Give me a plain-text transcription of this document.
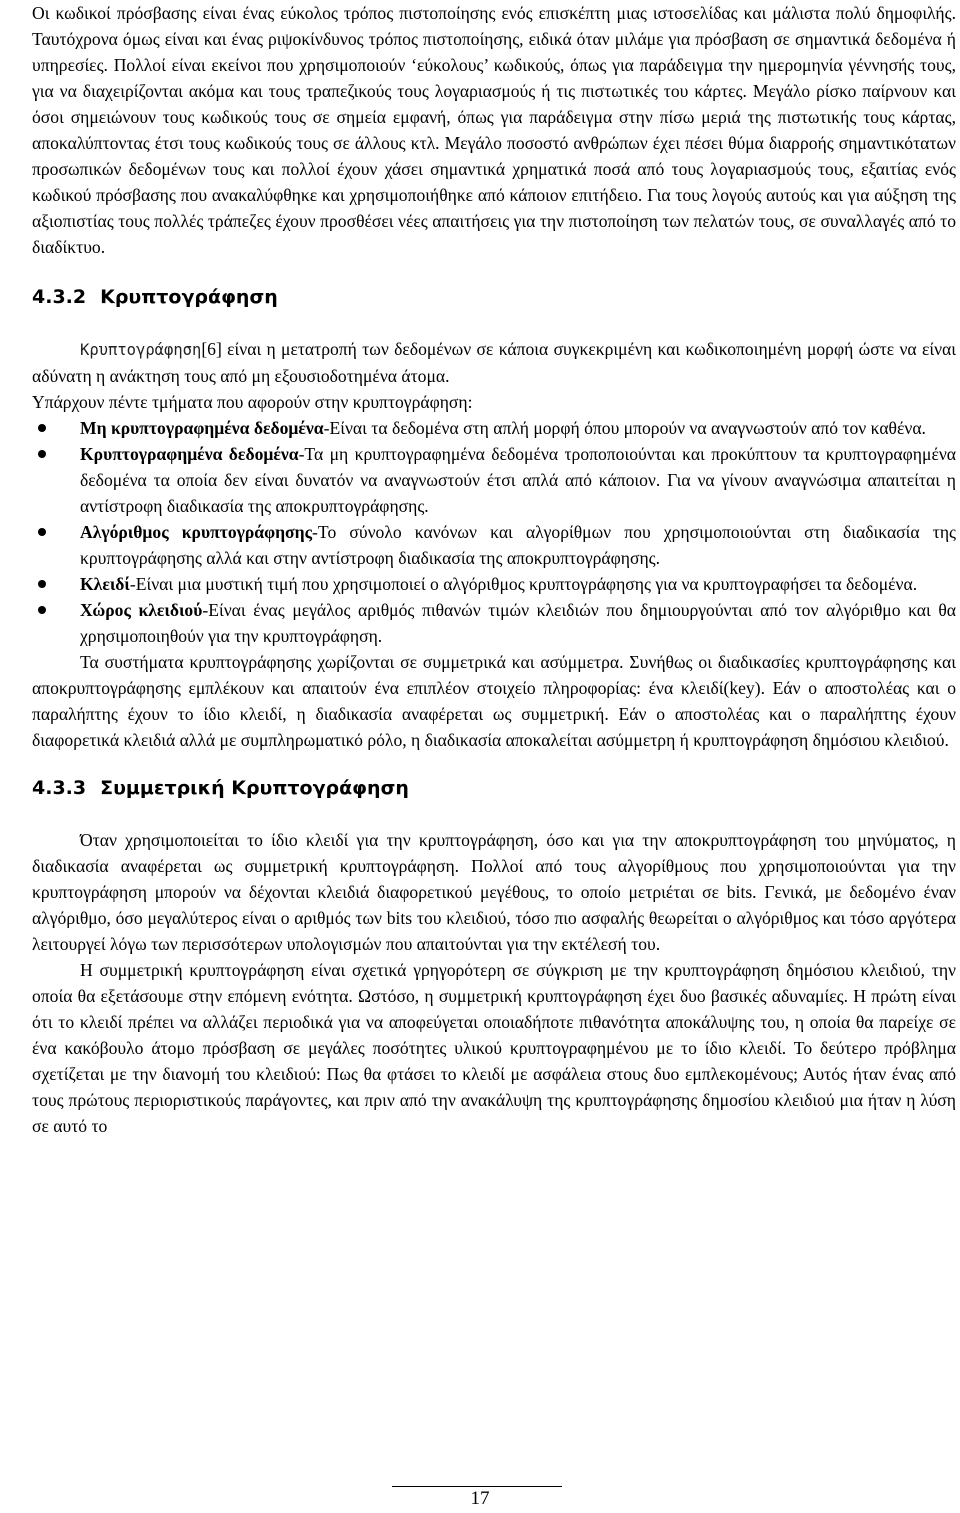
Οι κωδικοί πρόσβασης είναι ένας εύκολος τρόπος πιστοποίησης ενός επισκέπτη μιας ιστοσελίδας και μάλιστα πολύ δημοφιλής. Ταυτόχρονα όμως είναι και ένας ριψοκίνδυνος τρόπος πιστοποίησης, ειδικά όταν μιλάμε για πρόσβαση σε σημαντικά δεδομένα ή υπηρεσίες. Πολλοί είναι εκείνοι που χρησιμοποιούν ‘εύκολους’ κωδικούς, όπως για παράδειγμα την ημερομηνία γέννησής τους, για να διαχειρίζονται ακόμα και τους τραπεζικούς τους λογαριασμούς ή τις πιστωτικές του κάρτες. Μεγάλο ρίσκο παίρνουν και όσοι σημειώνουν τους κωδικούς τους σε σημεία εμφανή, όπως για παράδειγμα στην πίσω μεριά της πιστωτικής τους κάρτας, αποκαλύπτοντας έτσι τους κωδικούς τους σε άλλους κτλ. Μεγάλο ποσοστό ανθρώπων έχει πέσει θύμα διαρροής σημαντικότατων προσωπικών δεδομένων τους και πολλοί έχουν χάσει σημαντικά χρηματικά ποσά από τους λογαριασμούς τους, εξαιτίας ενός κωδικού πρόσβασης που ανακαλύφθηκε και χρησιμοποιήθηκε από κάποιον επιτήδειο. Για τους λογούς αυτούς και για αύξηση της αξιοπιστίας τους πολλές τράπεζες έχουν προσθέσει νέες απαιτήσεις για την πιστοποίηση των πελατών τους, σε συναλλαγές από το διαδίκτυο.

4.3.2 Κρυπτογράφηση

Κρυπτογράφηση[6] είναι η μετατροπή των δεδομένων σε κάποια συγκεκριμένη και κωδικοποιημένη μορφή ώστε να είναι αδύνατη η ανάκτηση τους από μη εξουσιοδοτημένα άτομα.

Υπάρχουν πέντε τμήματα που αφορούν στην κρυπτογράφηση:

Μη κρυπτογραφημένα δεδομένα-Είναι τα δεδομένα στη απλή μορφή όπου μπορούν να αναγνωστούν από τον καθένα.
Κρυπτογραφημένα δεδομένα-Τα μη κρυπτογραφημένα δεδομένα τροποποιούνται και προκύπτουν τα κρυπτογραφημένα δεδομένα τα οποία δεν είναι δυνατόν να αναγνωστούν έτσι απλά από κάποιον. Για να γίνουν αναγνώσιμα απαιτείται η αντίστροφη διαδικασία της αποκρυπτογράφησης.
Αλγόριθμος κρυπτογράφησης-Το σύνολο κανόνων και αλγορίθμων που χρησιμοποιούνται στη διαδικασία της κρυπτογράφησης αλλά και στην αντίστροφη διαδικασία της αποκρυπτογράφησης.
Κλειδί-Είναι μια μυστική τιμή που χρησιμοποιεί ο αλγόριθμος κρυπτογράφησης για να κρυπτογραφήσει τα δεδομένα.
Χώρος κλειδιού-Είναι ένας μεγάλος αριθμός πιθανών τιμών κλειδιών που δημιουργούνται από τον αλγόριθμο και θα χρησιμοποιηθούν για την κρυπτογράφηση.

Τα συστήματα κρυπτογράφησης χωρίζονται σε συμμετρικά και ασύμμετρα. Συνήθως οι διαδικασίες κρυπτογράφησης και αποκρυπτογράφησης εμπλέκουν και απαιτούν ένα επιπλέον στοιχείο πληροφορίας: ένα κλειδί(key). Εάν ο αποστολέας και ο παραλήπτης έχουν το ίδιο κλειδί, η διαδικασία αναφέρεται ως συμμετρική. Εάν ο αποστολέας και ο παραλήπτης έχουν διαφορετικά κλειδιά αλλά με συμπληρωματικό ρόλο, η διαδικασία αποκαλείται ασύμμετρη ή κρυπτογράφηση δημόσιου κλειδιού.

4.3.3 Συμμετρική Κρυπτογράφηση

Όταν χρησιμοποιείται το ίδιο κλειδί για την κρυπτογράφηση, όσο και για την αποκρυπτογράφηση του μηνύματος, η διαδικασία αναφέρεται ως συμμετρική κρυπτογράφηση. Πολλοί από τους αλγορίθμους που χρησιμοποιούνται για την κρυπτογράφηση μπορούν να δέχονται κλειδιά διαφορετικού μεγέθους, το οποίο μετριέται σε bits. Γενικά, με δεδομένο έναν αλγόριθμο, όσο μεγαλύτερος είναι ο αριθμός των bits του κλειδιού, τόσο πιο ασφαλής θεωρείται ο αλγόριθμος και τόσο αργότερα λειτουργεί λόγω των περισσότερων υπολογισμών που απαιτούνται για την εκτέλεσή του.

Η συμμετρική κρυπτογράφηση είναι σχετικά γρηγορότερη σε σύγκριση με την κρυπτογράφηση δημόσιου κλειδιού, την οποία θα εξετάσουμε στην επόμενη ενότητα. Ωστόσο, η συμμετρική κρυπτογράφηση έχει δυο βασικές αδυναμίες. Η πρώτη είναι ότι το κλειδί πρέπει να αλλάζει περιοδικά για να αποφεύγεται οποιαδήποτε πιθανότητα αποκάλυψης του, η οποία θα παρείχε σε ένα κακόβουλο άτομο πρόσβαση σε μεγάλες ποσότητες υλικού κρυπτογραφημένου με το ίδιο κλειδί. Το δεύτερο πρόβλημα σχετίζεται με την διανομή του κλειδιού: Πως θα φτάσει το κλειδί με ασφάλεια στους δυο εμπλεκομένους; Αυτός ήταν ένας από τους πρώτους περιοριστικούς παράγοντες, και πριν από την ανακάλυψη της κρυπτογράφησης δημοσίου κλειδιού μια ήταν η λύση σε αυτό το

17
